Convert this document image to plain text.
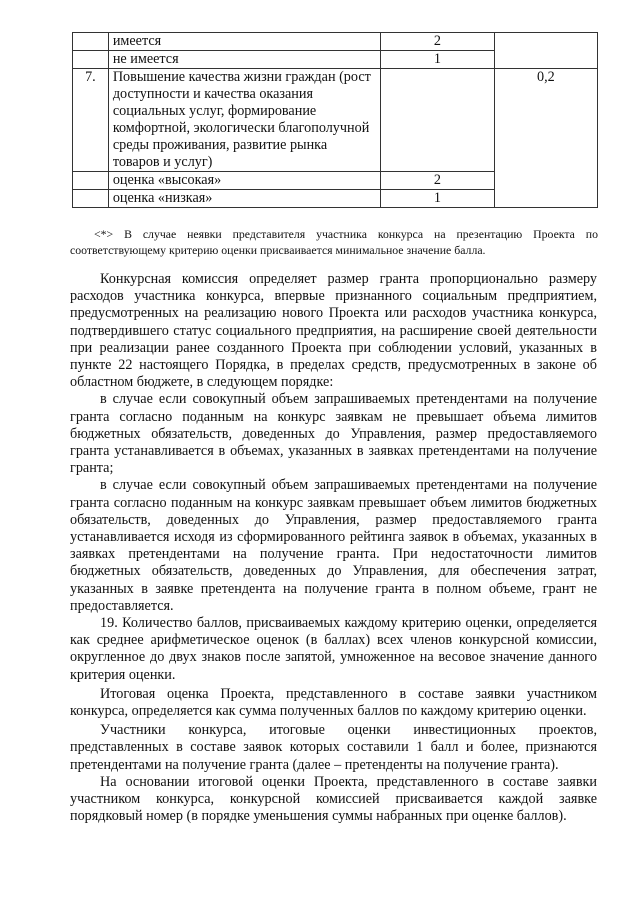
	имеется	2	
	не имеется	1	
7.	Повышение качества жизни граждан (рост доступности и качества оказания социальных услуг, формирование комфортной, экологически благополучной среды проживания, развитие рынка товаров и услуг)		0,2
	оценка «высокая»	2	
	оценка «низкая»	1	

<*> В случае неявки представителя участника конкурса на презентацию Проекта по соответствующему критерию оценки присваивается минимальное значение балла.

Конкурсная комиссия определяет размер гранта пропорционально размеру расходов участника конкурса, впервые признанного социальным предприятием, предусмотренных на реализацию нового Проекта или расходов участника конкурса, подтвердившего статус социального предприятия, на расширение своей деятельности при реализации ранее созданного Проекта при соблюдении условий, указанных в пункте 22 настоящего Порядка, в пределах средств, предусмотренных в законе об областном бюджете, в следующем порядке:

в случае если совокупный объем запрашиваемых претендентами на получение гранта согласно поданным на конкурс заявкам не превышает объема лимитов бюджетных обязательств, доведенных до Управления, размер предоставляемого гранта устанавливается в объемах, указанных в заявках претендентами на получение гранта;

в случае если совокупный объем запрашиваемых претендентами на получение гранта согласно поданным на конкурс заявкам превышает объем лимитов бюджетных обязательств, доведенных до Управления, размер предоставляемого гранта устанавливается исходя из сформированного рейтинга заявок в объемах, указанных в заявках претендентами на получение гранта. При недостаточности лимитов бюджетных обязательств, доведенных до Управления, для обеспечения затрат, указанных в заявке претендента на получение гранта в полном объеме, грант не предоставляется.

19. Количество баллов, присваиваемых каждому критерию оценки, определяется как среднее арифметическое оценок (в баллах) всех членов конкурсной комиссии, округленное до двух знаков после запятой, умноженное на весовое значение данного критерия оценки.

Итоговая оценка Проекта, представленного в составе заявки участником конкурса, определяется как сумма полученных баллов по каждому критерию оценки.

Участники конкурса, итоговые оценки инвестиционных проектов, представленных в составе заявок которых составили 1 балл и более, признаются претендентами на получение гранта (далее – претенденты на получение гранта).

На основании итоговой оценки Проекта, представленного в составе заявки участником конкурса, конкурсной комиссией присваивается каждой заявке порядковый номер (в порядке уменьшения суммы набранных при оценке баллов).
